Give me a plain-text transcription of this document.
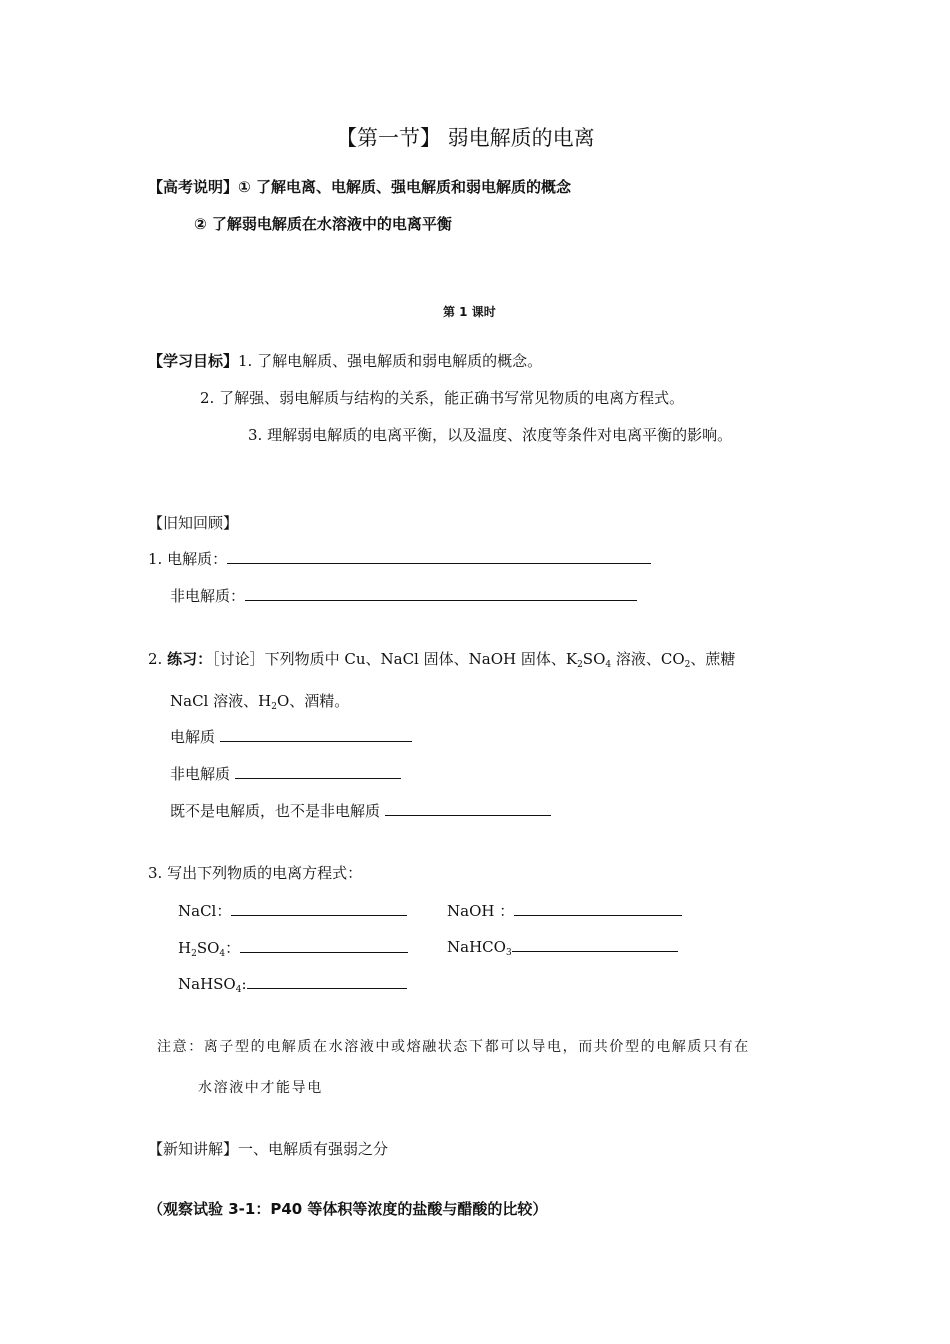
【第一节】 弱电解质的电离
【高考说明】① 了解电离、电解质、强电解质和弱电解质的概念
② 了解弱电解质在水溶液中的电离平衡
第 1 课时
【学习目标】1. 了解电解质、强电解质和弱电解质的概念。
2. 了解强、弱电解质与结构的关系，能正确书写常见物质的电离方程式。
3. 理解弱电解质的电离平衡，以及温度、浓度等条件对电离平衡的影响。
【旧知回顾】
1. 电解质：
非电解质：
2. 练习：［讨论］下列物质中 Cu、NaCl 固体、NaOH 固体、$K_2SO_4$ 溶液、$CO_2$、蔗糖
NaCl 溶液、$H_2O$、酒精。
电解质
非电解质
既不是电解质，也不是非电解质
3. 写出下列物质的电离方程式：
NaCl：	NaOH ：
$H_2SO_4$：	NaHCO$_3$
NaHSO$_4$:
注意：离子型的电解质在水溶液中或熔融状态下都可以导电，而共价型的电解质只有在
水溶液中才能导电
【新知讲解】一、电解质有强弱之分
（观察试验 3-1：P40 等体积等浓度的盐酸与醋酸的比较）
